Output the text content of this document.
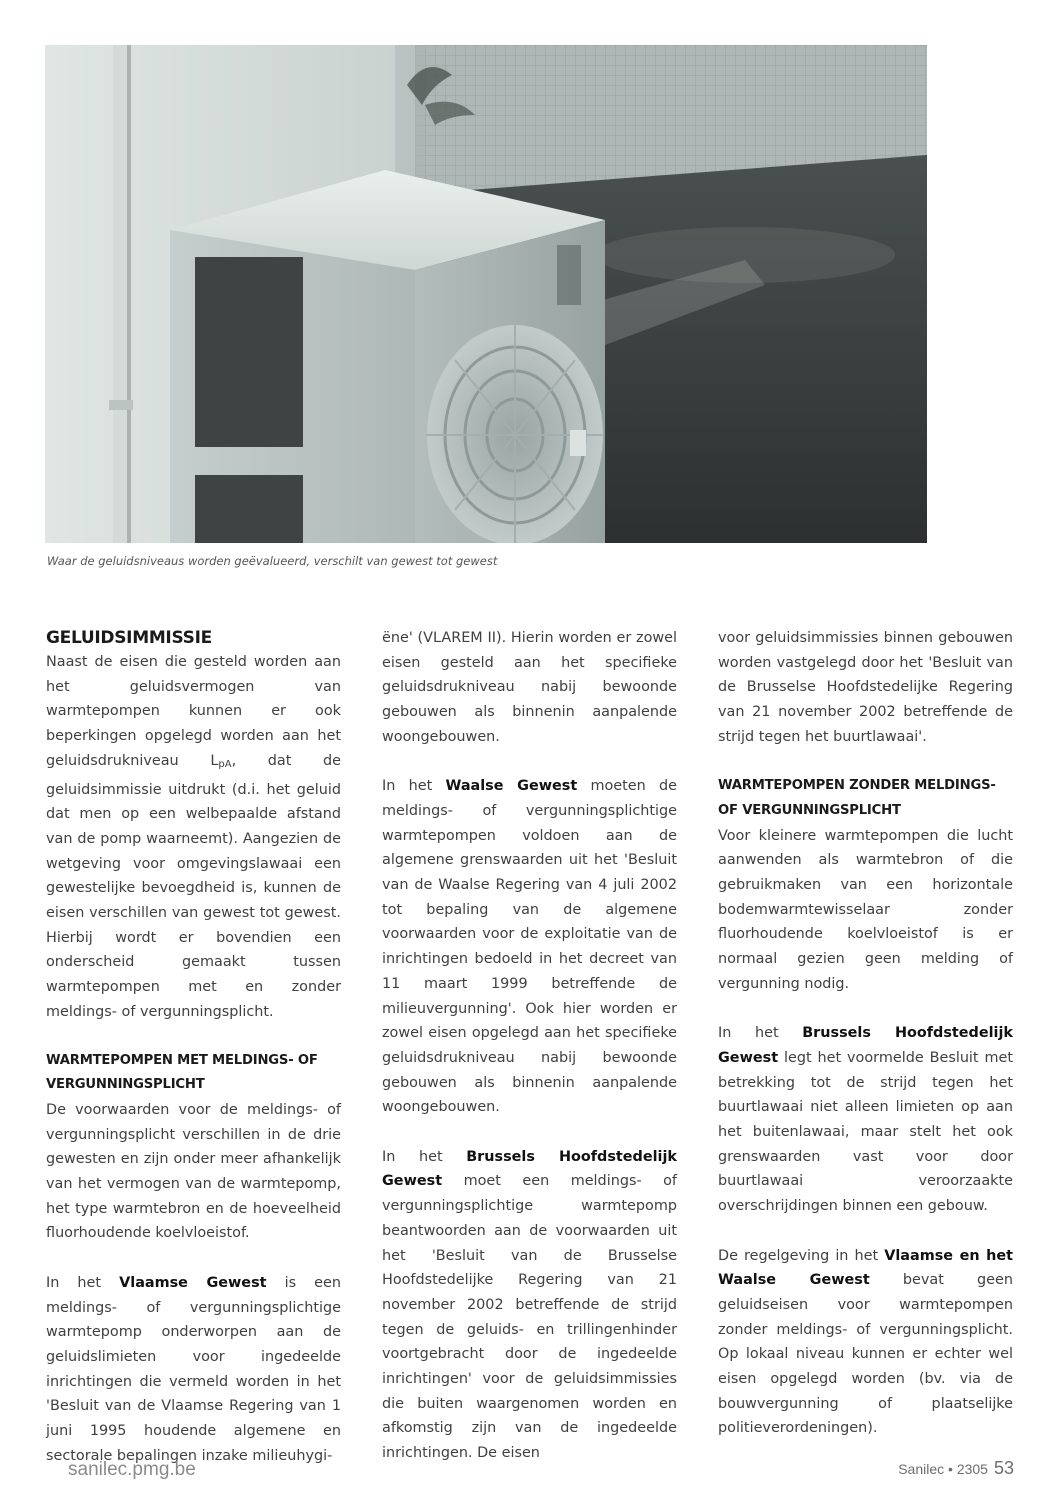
Waar de geluidsniveaus worden geëvalueerd, verschilt van gewest tot gewest
GELUIDSIMMISSIE

Naast de eisen die gesteld worden aan het geluidsvermogen van warmtepompen kunnen er ook beperkingen opgelegd worden aan het geluidsdrukniveau LpA, dat de geluidsimmissie uitdrukt (d.i. het geluid dat men op een welbepaalde afstand van de pomp waarneemt). Aangezien de wetgeving voor omgevingslawaai een gewestelijke bevoegdheid is, kunnen de eisen verschillen van gewest tot gewest. Hierbij wordt er bovendien een onderscheid gemaakt tussen warmtepompen met en zonder meldings- of vergunningsplicht.

WARMTEPOMPEN MET MELDINGS- OF VERGUNNINGSPLICHT

De voorwaarden voor de meldings- of vergunningsplicht verschillen in de drie gewesten en zijn onder meer afhankelijk van het vermogen van de warmtepomp, het type warmtebron en de hoeveelheid fluorhoudende koelvloeistof.

In het Vlaamse Gewest is een meldings- of vergunningsplichtige warmtepomp onderworpen aan de geluidslimieten voor ingedeelde inrichtingen die vermeld worden in het 'Besluit van de Vlaamse Regering van 1 juni 1995 houdende algemene en sectorale bepalingen inzake milieuhygi-

ëne' (VLAREM II). Hierin worden er zowel eisen gesteld aan het specifieke geluidsdrukniveau nabij bewoonde gebouwen als binnenin aanpalende woongebouwen.

In het Waalse Gewest moeten de meldings- of vergunningsplichtige warmtepompen voldoen aan de algemene grenswaarden uit het 'Besluit van de Waalse Regering van 4 juli 2002 tot bepaling van de algemene voorwaarden voor de exploitatie van de inrichtingen bedoeld in het decreet van 11 maart 1999 betreffende de milieuvergunning'. Ook hier worden er zowel eisen opgelegd aan het specifieke geluidsdrukniveau nabij bewoonde gebouwen als binnenin aanpalende woongebouwen.

In het Brussels Hoofdstedelijk Gewest moet een meldings- of vergunningsplichtige warmtepomp beantwoorden aan de voorwaarden uit het 'Besluit van de Brusselse Hoofdstedelijke Regering van 21 november 2002 betreffende de strijd tegen de geluids- en trillingenhinder voortgebracht door de ingedeelde inrichtingen' voor de geluidsimmissies die buiten waargenomen worden en afkomstig zijn van de ingedeelde inrichtingen. De eisen

voor geluidsimmissies binnen gebouwen worden vastgelegd door het 'Besluit van de Brusselse Hoofdstedelijke Regering van 21 november 2002 betreffende de strijd tegen het buurtlawaai'.

WARMTEPOMPEN ZONDER MELDINGS- OF VERGUNNINGSPLICHT

Voor kleinere warmtepompen die lucht aanwenden als warmtebron of die gebruikmaken van een horizontale bodemwarmtewisselaar zonder fluorhoudende koelvloeistof is er normaal gezien geen melding of vergunning nodig.

In het Brussels Hoofdstedelijk Gewest legt het voormelde Besluit met betrekking tot de strijd tegen het buurtlawaai niet alleen limieten op aan het buitenlawaai, maar stelt het ook grenswaarden vast voor door buurtlawaai veroorzaakte overschrijdingen binnen een gebouw.

De regelgeving in het Vlaamse en het Waalse Gewest bevat geen geluidseisen voor warmtepompen zonder meldings- of vergunningsplicht. Op lokaal niveau kunnen er echter wel eisen opgelegd worden (bv. via de bouwvergunning of plaatselijke politieverordeningen).

sanilec.pmg.be	Sanilec • 2305 53
